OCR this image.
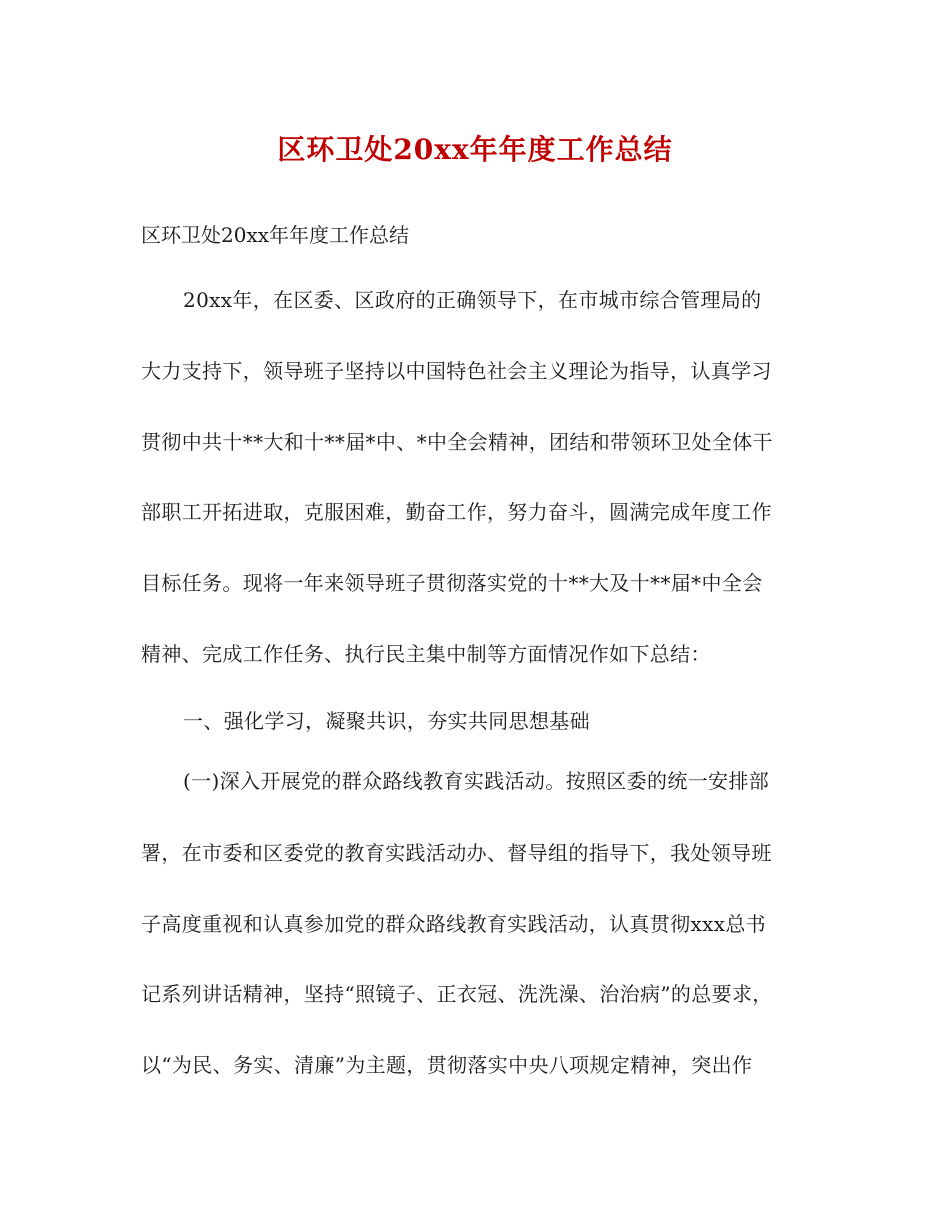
区环卫处20xx年年度工作总结
区环卫处20xx年年度工作总结
20xx年，在区委、区政府的正确领导下，在市城市综合管理局的
大力支持下，领导班子坚持以中国特色社会主义理论为指导，认真学习
贯彻中共十**大和十**届*中、*中全会精神，团结和带领环卫处全体干
部职工开拓进取，克服困难，勤奋工作，努力奋斗，圆满完成年度工作
目标任务。现将一年来领导班子贯彻落实党的十**大及十**届*中全会
精神、完成工作任务、执行民主集中制等方面情况作如下总结：
一、强化学习，凝聚共识，夯实共同思想基础
(一)深入开展党的群众路线教育实践活动。按照区委的统一安排部
署，在市委和区委党的教育实践活动办、督导组的指导下，我处领导班
子高度重视和认真参加党的群众路线教育实践活动，认真贯彻xxx总书
记系列讲话精神，坚持“照镜子、正衣冠、洗洗澡、治治病”的总要求，
以“为民、务实、清廉”为主题，贯彻落实中央八项规定精神，突出作
